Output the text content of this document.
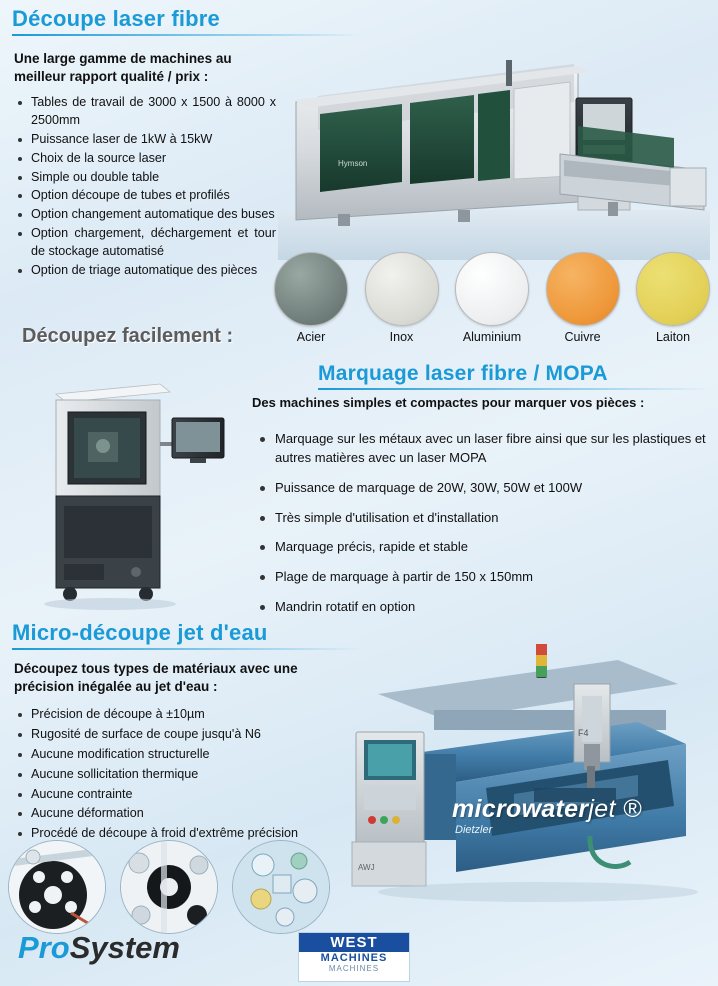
Découpe laser fibre
Une large gamme de machines au meilleur rapport qualité / prix :
Tables de travail de 3000 x 1500 à 8000 x 2500mm
Puissance laser de 1kW à 15kW
Choix de la source laser
Simple ou double table
Option découpe de tubes et profilés
Option changement automatique des buses
Option chargement, déchargement et tour de stockage automatisé
Option de triage automatique des pièces
Hymson
Acier	Inox	Aluminium	Cuivre	Laiton
Découpez facilement :
Marquage laser fibre / MOPA
Des machines simples et compactes pour marquer vos pièces :
Marquage sur les métaux avec un laser fibre ainsi que sur les plastiques et autres matières avec un laser MOPA
Puissance de marquage de 20W, 30W, 50W et 100W
Très simple d'utilisation et d'installation
Marquage précis, rapide et stable
Plage de marquage à partir de 150 x 150mm
Mandrin rotatif en option
Micro-découpe jet d'eau
Découpez tous types de matériaux avec une précision inégalée au jet d'eau :
Précision de découpe à ±10µm
Rugosité de surface de coupe jusqu'à N6
Aucune modification structurelle
Aucune sollicitation thermique
Aucune contrainte
Aucune déformation
Procédé de découpe à froid d'extrême précision
F4
AWJ
microwaterjet ®
Dietzler
ProSystem	WEST
MACHINES
MACHINES
